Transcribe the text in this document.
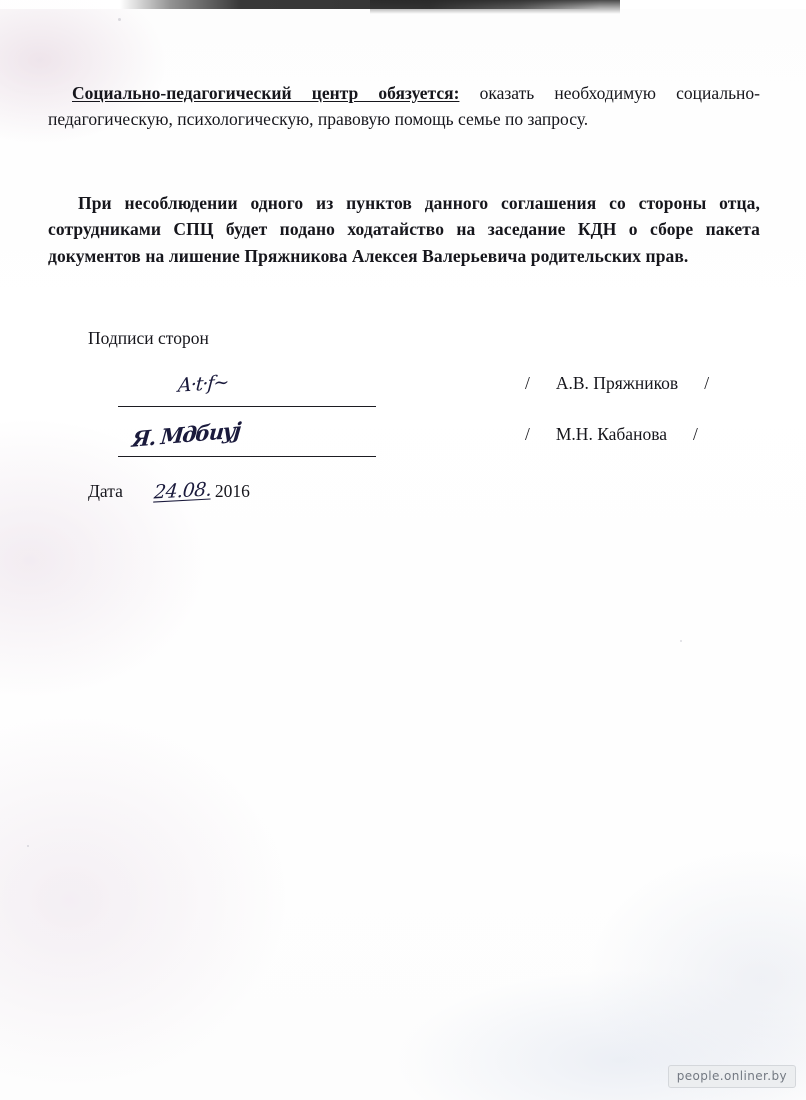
Социально-педагогический центр обязуется: оказать необходимую социально-педагогическую, психологическую, правовую помощь семье по запросу.

При несоблюдении одного из пунктов данного соглашения со стороны отца, сотрудниками СПЦ будет подано ходатайство на заседание КДН о сборе пакета документов на лишение Пряжникова Алексея Валерьевича родительских прав.

Подписи сторон
A·t·f~
Я. Мдбиуј
/ А.В. Пряжников /
/ М.Н. Кабанова /
Дата	2016
24.08.
people.onliner.by
